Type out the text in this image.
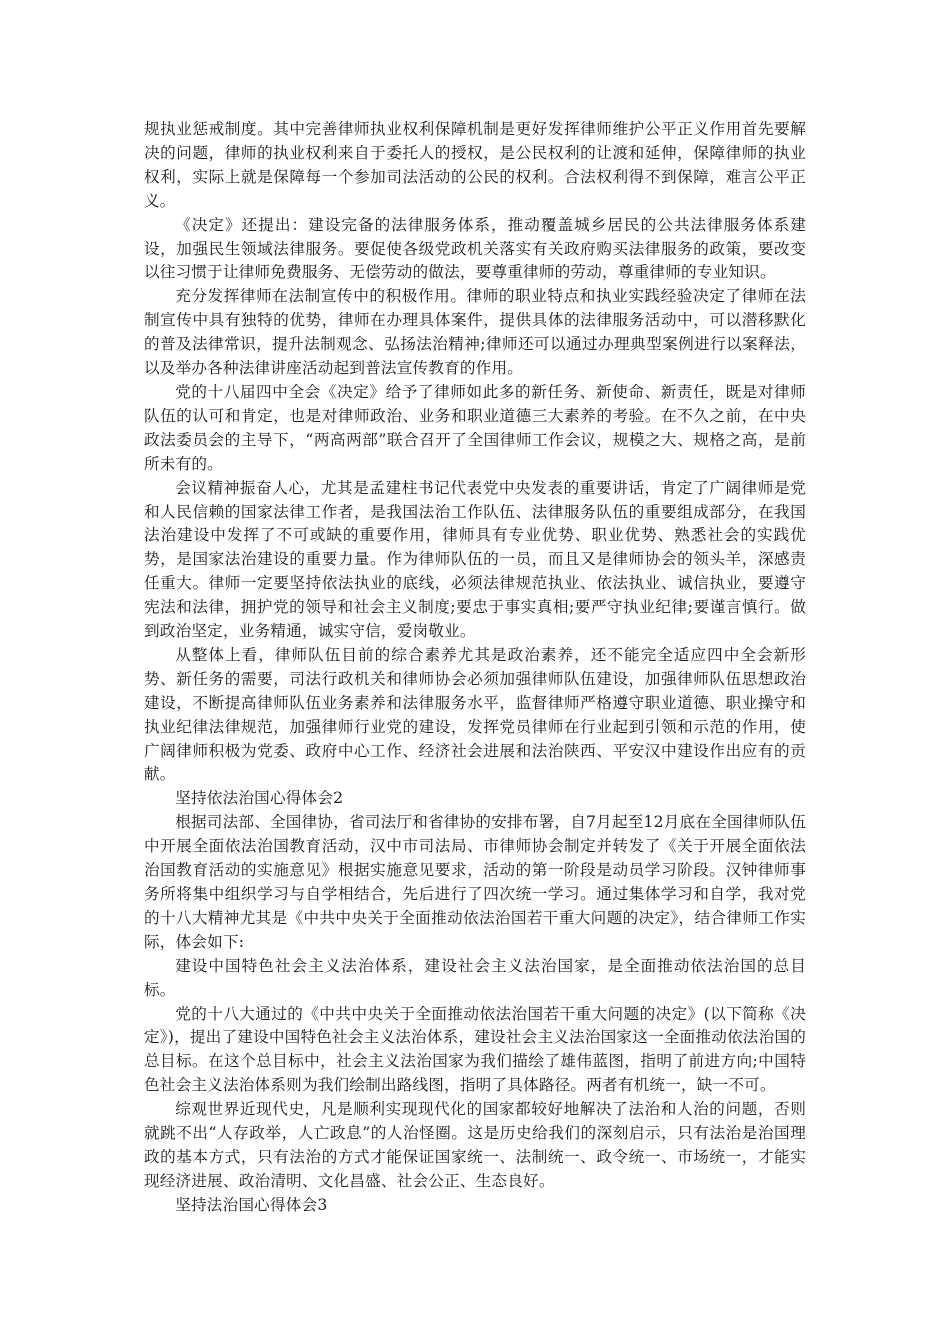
规执业惩戒制度。其中完善律师执业权利保障机制是更好发挥律师维护公平正义作用首先要解决的问题，律师的执业权利来自于委托人的授权，是公民权利的让渡和延伸，保障律师的执业权利，实际上就是保障每一个参加司法活动的公民的权利。合法权利得不到保障，难言公平正义。

《决定》还提出：建设完备的法律服务体系，推动覆盖城乡居民的公共法律服务体系建设，加强民生领域法律服务。要促使各级党政机关落实有关政府购买法律服务的政策，要改变以往习惯于让律师免费服务、无偿劳动的做法，要尊重律师的劳动，尊重律师的专业知识。

充分发挥律师在法制宣传中的积极作用。律师的职业特点和执业实践经验决定了律师在法制宣传中具有独特的优势，律师在办理具体案件，提供具体的法律服务活动中，可以潜移默化的普及法律常识，提升法制观念、弘扬法治精神;律师还可以通过办理典型案例进行以案释法，以及举办各种法律讲座活动起到普法宣传教育的作用。

党的十八届四中全会《决定》给予了律师如此多的新任务、新使命、新责任，既是对律师队伍的认可和肯定，也是对律师政治、业务和职业道德三大素养的考验。在不久之前，在中央政法委员会的主导下，“两高两部”联合召开了全国律师工作会议，规模之大、规格之高，是前所未有的。

会议精神振奋人心，尤其是孟建柱书记代表党中央发表的重要讲话，肯定了广阔律师是党和人民信赖的国家法律工作者，是我国法治工作队伍、法律服务队伍的重要组成部分，在我国法治建设中发挥了不可或缺的重要作用，律师具有专业优势、职业优势、熟悉社会的实践优势，是国家法治建设的重要力量。作为律师队伍的一员，而且又是律师协会的领头羊，深感责任重大。律师一定要坚持依法执业的底线，必须法律规范执业、依法执业、诚信执业，要遵守宪法和法律，拥护党的领导和社会主义制度;要忠于事实真相;要严守执业纪律;要谨言慎行。做到政治坚定，业务精通，诚实守信，爱岗敬业。

从整体上看，律师队伍目前的综合素养尤其是政治素养，还不能完全适应四中全会新形势、新任务的需要，司法行政机关和律师协会必须加强律师队伍建设，加强律师队伍思想政治建设，不断提高律师队伍业务素养和法律服务水平，监督律师严格遵守职业道德、职业操守和执业纪律法律规范，加强律师行业党的建设，发挥党员律师在行业起到引领和示范的作用，使广阔律师积极为党委、政府中心工作、经济社会进展和法治陕西、平安汉中建设作出应有的贡献。

坚持依法治国心得体会2

根据司法部、全国律协，省司法厅和省律协的安排布署，自7月起至12月底在全国律师队伍中开展全面依法治国教育活动，汉中市司法局、市律师协会制定并转发了《关于开展全面依法治国教育活动的实施意见》根据实施意见要求，活动的第一阶段是动员学习阶段。汉钟律师事务所将集中组织学习与自学相结合，先后进行了四次统一学习。通过集体学习和自学，我对党的十八大精神尤其是《中共中央关于全面推动依法治国若干重大问题的决定》，结合律师工作实际，体会如下:

建设中国特色社会主义法治体系，建设社会主义法治国家，是全面推动依法治国的总目标。

党的十八大通过的《中共中央关于全面推动依法治国若干重大问题的决定》(以下简称《决定》)，提出了建设中国特色社会主义法治体系，建设社会主义法治国家这一全面推动依法治国的总目标。在这个总目标中，社会主义法治国家为我们描绘了雄伟蓝图，指明了前进方向;中国特色社会主义法治体系则为我们绘制出路线图，指明了具体路径。两者有机统一，缺一不可。

综观世界近现代史，凡是顺利实现现代化的国家都较好地解决了法治和人治的问题，否则就跳不出“人存政举，人亡政息”的人治怪圈。这是历史给我们的深刻启示，只有法治是治国理政的基本方式，只有法治的方式才能保证国家统一、法制统一、政令统一、市场统一，才能实现经济进展、政治清明、文化昌盛、社会公正、生态良好。

坚持法治国心得体会3
